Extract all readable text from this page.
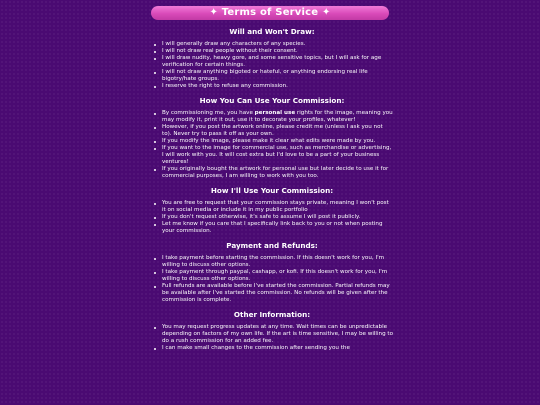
✦ Terms of Service ✦
Will and Won't Draw:
I will generally draw any characters of any species.
I will not draw real people without their consent.
I will draw nudity, heavy gore, and some sensitive topics, but I will ask for age verification for certain things.
I will not draw anything bigoted or hateful, or anything endorsing real life bigotry/hate groups.
I reserve the right to refuse any commission.
How You Can Use Your Commission:
By commissioning me, you have personal use rights for the image, meaning you may modify it, print it out, use it to decorate your profiles, whatever!
However, if you post the artwork online, please credit me (unless I ask you not to). Never try to pass it off as your own.
If you modify the image, please make it clear what edits were made by you.
If you want to the image for commercial use, such as merchandise or advertising, I will work with you. It will cost extra but I'd love to be a part of your business ventures!
If you originally bought the artwork for personal use but later decide to use it for commercial purposes, I am willing to work with you too.
How I'll Use Your Commission:
You are free to request that your commission stays private, meaning I won't post it on social media or include it in my public portfolio
If you don't request otherwise, it's safe to assume I will post it publicly.
Let me know if you care that I specifically link back to you or not when posting your commission.
Payment and Refunds:
I take payment before starting the commission. If this doesn't work for you, I'm willing to discuss other options.
I take payment through paypal, cashapp, or kofi. If this doesn't work for you, I'm willing to discuss other options.
Full refunds are available before I've started the commission. Partial refunds may be available after I've started the commission. No refunds will be given after the commission is complete.
Other Information:
You may request progress updates at any time. Wait times can be unpredictable depending on factors of my own life. If the art is time sensitive, I may be willing to do a rush commission for an added fee.
I can make small changes to the commission after sending you the
